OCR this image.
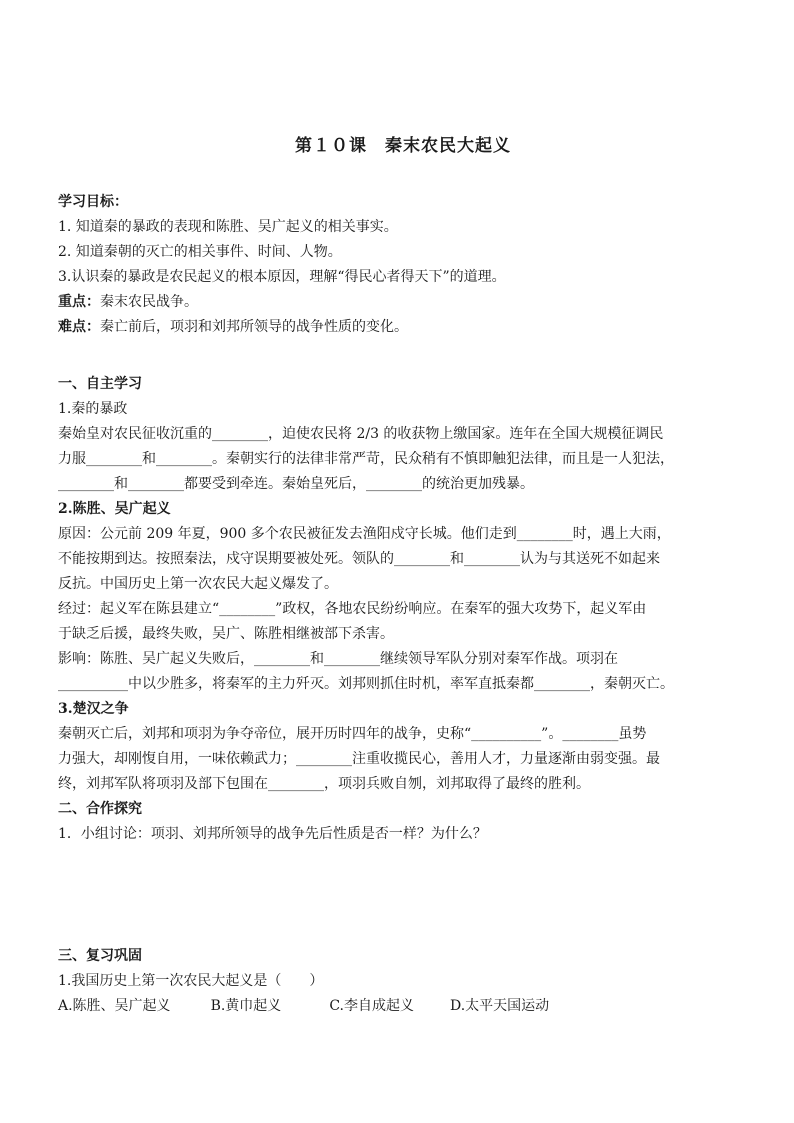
第１０课 秦末农民大起义
学习目标：
1. 知道秦的暴政的表现和陈胜、吴广起义的相关事实。
2. 知道秦朝的灭亡的相关事件、时间、人物。
3.认识秦的暴政是农民起义的根本原因，理解“得民心者得天下”的道理。
重点：秦末农民战争。
难点：秦亡前后，项羽和刘邦所领导的战争性质的变化。
一、自主学习
1.秦的暴政
秦始皇对农民征收沉重的________，迫使农民将 2/3 的收获物上缴国家。连年在全国大规模征调民
力服________和________。秦朝实行的法律非常严苛，民众稍有不慎即触犯法律，而且是一人犯法，
________和________都要受到牵连。秦始皇死后，________的统治更加残暴。
2.陈胜、吴广起义
原因：公元前 209 年夏，900 多个农民被征发去渔阳戍守长城。他们走到________时，遇上大雨，
不能按期到达。按照秦法，戍守误期要被处死。领队的________和________认为与其送死不如起来
反抗。中国历史上第一次农民大起义爆发了。
经过：起义军在陈县建立“________”政权，各地农民纷纷响应。在秦军的强大攻势下，起义军由
于缺乏后援，最终失败，吴广、陈胜相继被部下杀害。
影响：陈胜、吴广起义失败后，________和________继续领导军队分别对秦军作战。项羽在
__________中以少胜多，将秦军的主力歼灭。刘邦则抓住时机，率军直抵秦都________，秦朝灭亡。
3.楚汉之争
秦朝灭亡后，刘邦和项羽为争夺帝位，展开历时四年的战争，史称“__________”。________虽势
力强大，却刚愎自用，一味依赖武力；________注重收揽民心，善用人才，力量逐渐由弱变强。最
终，刘邦军队将项羽及部下包围在________，项羽兵败自刎，刘邦取得了最终的胜利。
二、合作探究
1．小组讨论：项羽、刘邦所领导的战争先后性质是否一样？为什么？
三、复习巩固
1.我国历史上第一次农民大起义是（　　）
A.陈胜、吴广起义	B.黄巾起义	C.李自成起义	D.太平天国运动
